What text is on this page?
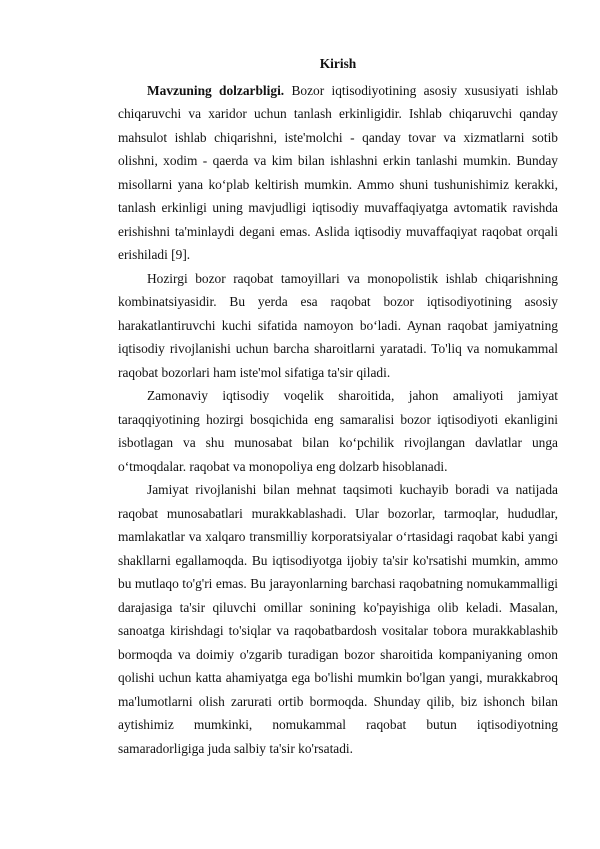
Kirish

Mavzuning dolzarbligi. Bozor iqtisodiyotining asosiy xususiyati ishlab chiqaruvchi va xaridor uchun tanlash erkinligidir. Ishlab chiqaruvchi qanday mahsulot ishlab chiqarishni, iste'molchi - qanday tovar va xizmatlarni sotib olishni, xodim - qaerda va kim bilan ishlashni erkin tanlashi mumkin. Bunday misollarni yana ko‘plab keltirish mumkin. Ammo shuni tushunishimiz kerakki, tanlash erkinligi uning mavjudligi iqtisodiy muvaffaqiyatga avtomatik ravishda erishishni ta'minlaydi degani emas. Aslida iqtisodiy muvaffaqiyat raqobat orqali erishiladi [9].

Hozirgi bozor raqobat tamoyillari va monopolistik ishlab chiqarishning kombinatsiyasidir. Bu yerda esa raqobat bozor iqtisodiyotining asosiy harakatlantiruvchi kuchi sifatida namoyon bo‘ladi. Aynan raqobat jamiyatning iqtisodiy rivojlanishi uchun barcha sharoitlarni yaratadi. To'liq va nomukammal raqobat bozorlari ham iste'mol sifatiga ta'sir qiladi.

Zamonaviy iqtisodiy voqelik sharoitida, jahon amaliyoti jamiyat taraqqiyotining hozirgi bosqichida eng samaralisi bozor iqtisodiyoti ekanligini isbotlagan va shu munosabat bilan ko‘pchilik rivojlangan davlatlar unga o‘tmoqdalar. raqobat va monopoliya eng dolzarb hisoblanadi.

Jamiyat rivojlanishi bilan mehnat taqsimoti kuchayib boradi va natijada raqobat munosabatlari murakkablashadi. Ular bozorlar, tarmoqlar, hududlar, mamlakatlar va xalqaro transmilliy korporatsiyalar o‘rtasidagi raqobat kabi yangi shakllarni egallamoqda. Bu iqtisodiyotga ijobiy ta'sir ko'rsatishi mumkin, ammo bu mutlaqo to'g'ri emas. Bu jarayonlarning barchasi raqobatning nomukammalligi darajasiga ta'sir qiluvchi omillar sonining ko'payishiga olib keladi. Masalan, sanoatga kirishdagi to'siqlar va raqobatbardosh vositalar tobora murakkablashib bormoqda va doimiy o'zgarib turadigan bozor sharoitida kompaniyaning omon qolishi uchun katta ahamiyatga ega bo'lishi mumkin bo'lgan yangi, murakkabroq ma'lumotlarni olish zarurati ortib bormoqda. Shunday qilib, biz ishonch bilan aytishimiz mumkinki, nomukammal raqobat butun iqtisodiyotning samaradorligiga juda salbiy ta'sir ko'rsatadi.
